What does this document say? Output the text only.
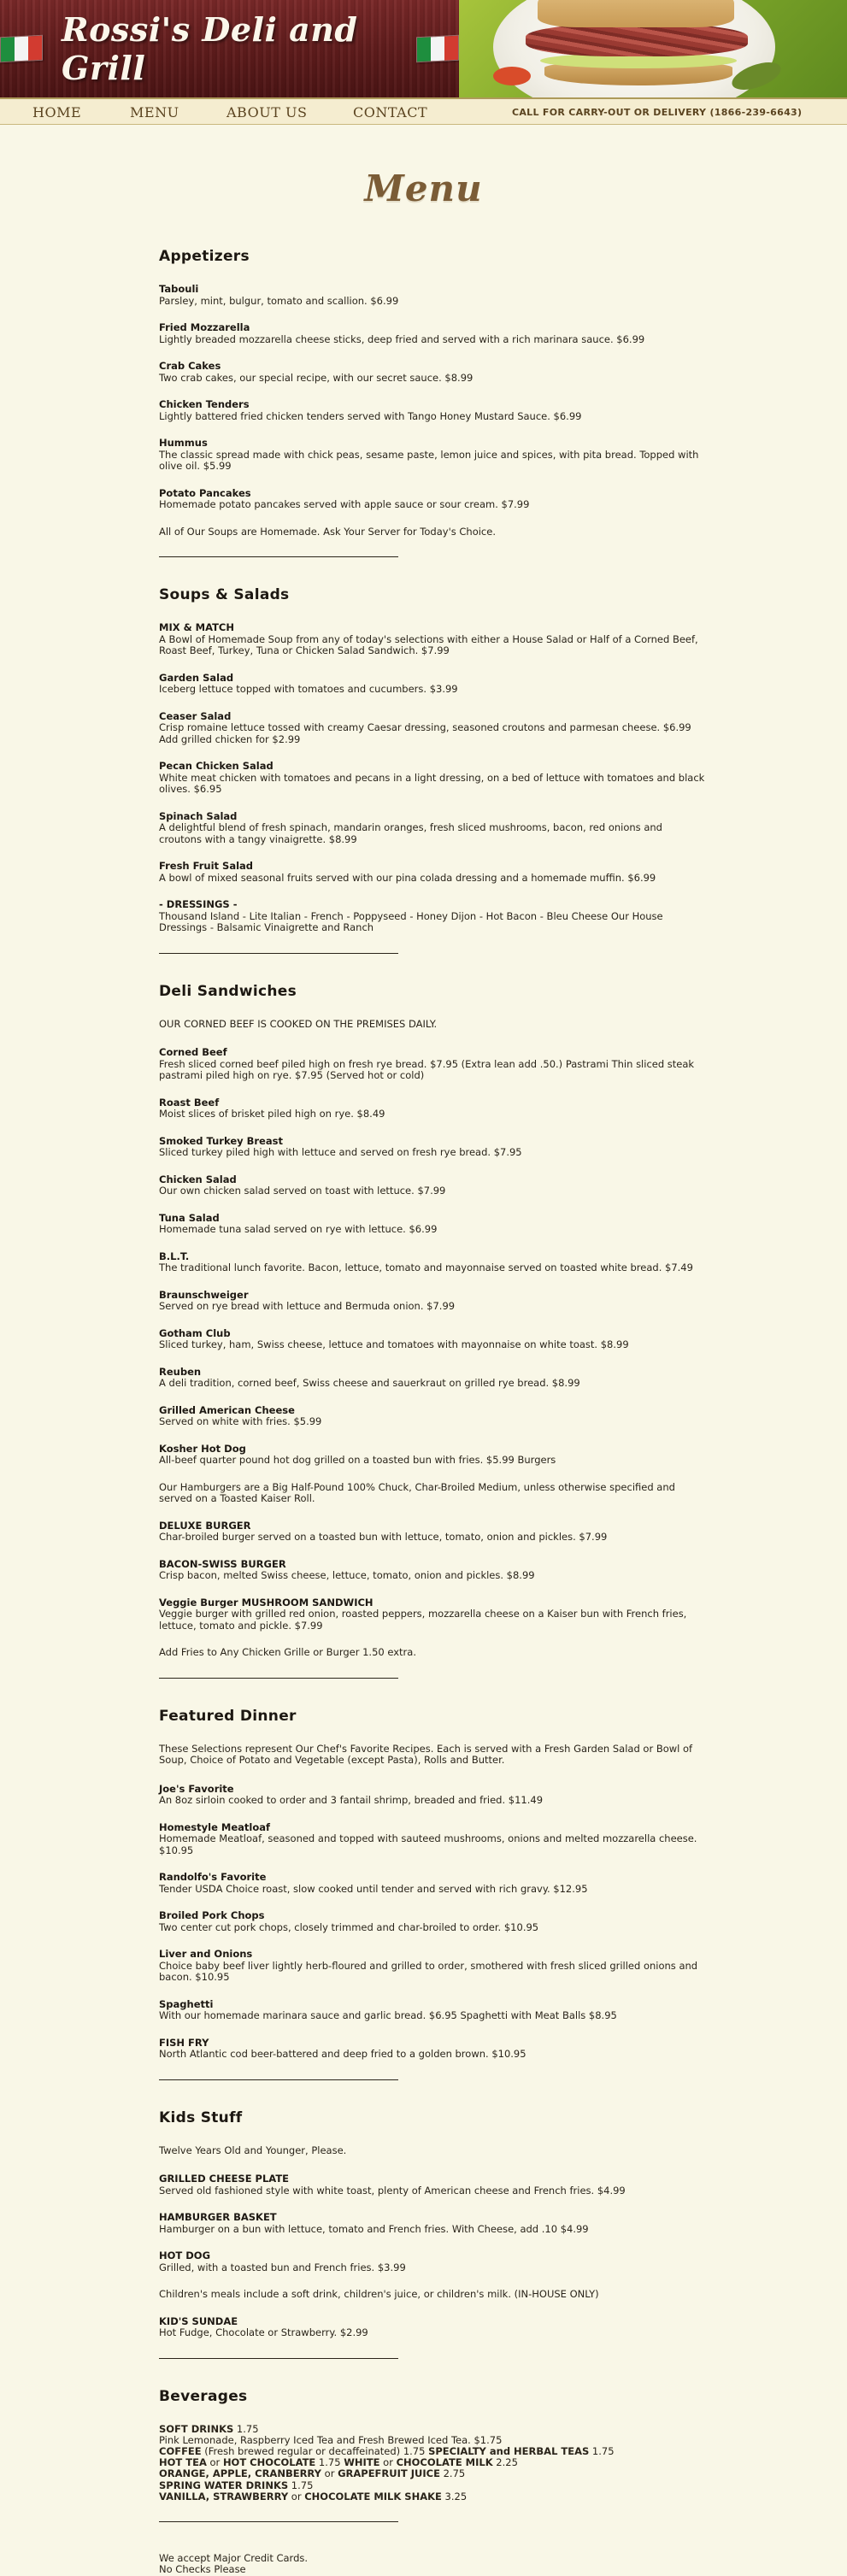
Rossi's Deli and Grill
HOME	MENU	ABOUT US	CONTACT	CALL FOR CARRY-OUT OR DELIVERY (1866-239-6643)
Menu
Appetizers
Tabouli
Parsley, mint, bulgur, tomato and scallion. $6.99
Fried Mozzarella
Lightly breaded mozzarella cheese sticks, deep fried and served with a rich marinara sauce. $6.99
Crab Cakes
Two crab cakes, our special recipe, with our secret sauce. $8.99
Chicken Tenders
Lightly battered fried chicken tenders served with Tango Honey Mustard Sauce. $6.99
Hummus
The classic spread made with chick peas, sesame paste, lemon juice and spices, with pita bread. Topped with olive oil. $5.99
Potato Pancakes
Homemade potato pancakes served with apple sauce or sour cream. $7.99
All of Our Soups are Homemade. Ask Your Server for Today's Choice.
Soups & Salads
MIX & MATCH
A Bowl of Homemade Soup from any of today's selections with either a House Salad or Half of a Corned Beef, Roast Beef, Turkey, Tuna or Chicken Salad Sandwich. $7.99
Garden Salad
Iceberg lettuce topped with tomatoes and cucumbers. $3.99
Ceaser Salad
Crisp romaine lettuce tossed with creamy Caesar dressing, seasoned croutons and parmesan cheese. $6.99 Add grilled chicken for $2.99
Pecan Chicken Salad
White meat chicken with tomatoes and pecans in a light dressing, on a bed of lettuce with tomatoes and black olives. $6.95
Spinach Salad
A delightful blend of fresh spinach, mandarin oranges, fresh sliced mushrooms, bacon, red onions and croutons with a tangy vinaigrette. $8.99
Fresh Fruit Salad
A bowl of mixed seasonal fruits served with our pina colada dressing and a homemade muffin. $6.99
- DRESSINGS -
Thousand Island - Lite Italian - French - Poppyseed - Honey Dijon - Hot Bacon - Bleu Cheese Our House Dressings - Balsamic Vinaigrette and Ranch
Deli Sandwiches
OUR CORNED BEEF IS COOKED ON THE PREMISES DAILY.
Corned Beef
Fresh sliced corned beef piled high on fresh rye bread. $7.95 (Extra lean add .50.) Pastrami Thin sliced steak pastrami piled high on rye. $7.95 (Served hot or cold)
Roast Beef
Moist slices of brisket piled high on rye. $8.49
Smoked Turkey Breast
Sliced turkey piled high with lettuce and served on fresh rye bread. $7.95
Chicken Salad
Our own chicken salad served on toast with lettuce. $7.99
Tuna Salad
Homemade tuna salad served on rye with lettuce. $6.99
B.L.T.
The traditional lunch favorite. Bacon, lettuce, tomato and mayonnaise served on toasted white bread. $7.49
Braunschweiger
Served on rye bread with lettuce and Bermuda onion. $7.99
Gotham Club
Sliced turkey, ham, Swiss cheese, lettuce and tomatoes with mayonnaise on white toast. $8.99
Reuben
A deli tradition, corned beef, Swiss cheese and sauerkraut on grilled rye bread. $8.99
Grilled American Cheese
Served on white with fries. $5.99
Kosher Hot Dog
All-beef quarter pound hot dog grilled on a toasted bun with fries. $5.99 Burgers
Our Hamburgers are a Big Half-Pound 100% Chuck, Char-Broiled Medium, unless otherwise specified and served on a Toasted Kaiser Roll.
DELUXE BURGER
Char-broiled burger served on a toasted bun with lettuce, tomato, onion and pickles. $7.99
BACON-SWISS BURGER
Crisp bacon, melted Swiss cheese, lettuce, tomato, onion and pickles. $8.99
Veggie Burger MUSHROOM SANDWICH
Veggie burger with grilled red onion, roasted peppers, mozzarella cheese on a Kaiser bun with French fries, lettuce, tomato and pickle. $7.99
Add Fries to Any Chicken Grille or Burger 1.50 extra.
Featured Dinner
These Selections represent Our Chef's Favorite Recipes. Each is served with a Fresh Garden Salad or Bowl of Soup, Choice of Potato and Vegetable (except Pasta), Rolls and Butter.
Joe's Favorite
An 8oz sirloin cooked to order and 3 fantail shrimp, breaded and fried. $11.49
Homestyle Meatloaf
Homemade Meatloaf, seasoned and topped with sauteed mushrooms, onions and melted mozzarella cheese. $10.95
Randolfo's Favorite
Tender USDA Choice roast, slow cooked until tender and served with rich gravy. $12.95
Broiled Pork Chops
Two center cut pork chops, closely trimmed and char-broiled to order. $10.95
Liver and Onions
Choice baby beef liver lightly herb-floured and grilled to order, smothered with fresh sliced grilled onions and bacon. $10.95
Spaghetti
With our homemade marinara sauce and garlic bread. $6.95 Spaghetti with Meat Balls $8.95
FISH FRY
North Atlantic cod beer-battered and deep fried to a golden brown. $10.95
Kids Stuff
Twelve Years Old and Younger, Please.
GRILLED CHEESE PLATE
Served old fashioned style with white toast, plenty of American cheese and French fries. $4.99
HAMBURGER BASKET
Hamburger on a bun with lettuce, tomato and French fries. With Cheese, add .10 $4.99
HOT DOG
Grilled, with a toasted bun and French fries. $3.99
Children's meals include a soft drink, children's juice, or children's milk. (IN-HOUSE ONLY)
KID'S SUNDAE
Hot Fudge, Chocolate or Strawberry. $2.99
Beverages
SOFT DRINKS 1.75
Pink Lemonade, Raspberry Iced Tea and Fresh Brewed Iced Tea. $1.75
COFFEE (Fresh brewed regular or decaffeinated) 1.75 SPECIALTY and HERBAL TEAS 1.75
HOT TEA or HOT CHOCOLATE 1.75 WHITE or CHOCOLATE MILK 2.25
ORANGE, APPLE, CRANBERRY or GRAPEFRUIT JUICE 2.75
SPRING WATER DRINKS 1.75
VANILLA, STRAWBERRY or CHOCOLATE MILK SHAKE 3.25
We accept Major Credit Cards.
No Checks Please
